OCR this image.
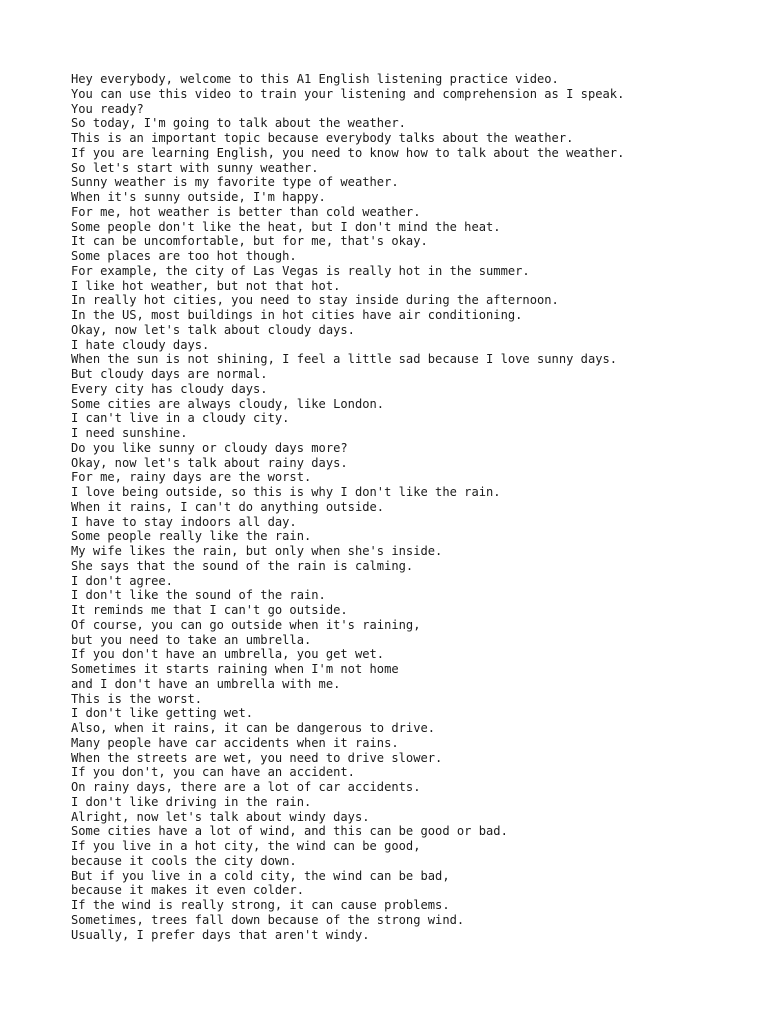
Hey everybody, welcome to this A1 English listening practice video.
You can use this video to train your listening and comprehension as I speak.
You ready?
So today, I'm going to talk about the weather.
This is an important topic because everybody talks about the weather.
If you are learning English, you need to know how to talk about the weather.
So let's start with sunny weather.
Sunny weather is my favorite type of weather.
When it's sunny outside, I'm happy.
For me, hot weather is better than cold weather.
Some people don't like the heat, but I don't mind the heat.
It can be uncomfortable, but for me, that's okay.
Some places are too hot though.
For example, the city of Las Vegas is really hot in the summer.
I like hot weather, but not that hot.
In really hot cities, you need to stay inside during the afternoon.
In the US, most buildings in hot cities have air conditioning.
Okay, now let's talk about cloudy days.
I hate cloudy days.
When the sun is not shining, I feel a little sad because I love sunny days.
But cloudy days are normal.
Every city has cloudy days.
Some cities are always cloudy, like London.
I can't live in a cloudy city.
I need sunshine.
Do you like sunny or cloudy days more?
Okay, now let's talk about rainy days.
For me, rainy days are the worst.
I love being outside, so this is why I don't like the rain.
When it rains, I can't do anything outside.
I have to stay indoors all day.
Some people really like the rain.
My wife likes the rain, but only when she's inside.
She says that the sound of the rain is calming.
I don't agree.
I don't like the sound of the rain.
It reminds me that I can't go outside.
Of course, you can go outside when it's raining,
but you need to take an umbrella.
If you don't have an umbrella, you get wet.
Sometimes it starts raining when I'm not home
and I don't have an umbrella with me.
This is the worst.
I don't like getting wet.
Also, when it rains, it can be dangerous to drive.
Many people have car accidents when it rains.
When the streets are wet, you need to drive slower.
If you don't, you can have an accident.
On rainy days, there are a lot of car accidents.
I don't like driving in the rain.
Alright, now let's talk about windy days.
Some cities have a lot of wind, and this can be good or bad.
If you live in a hot city, the wind can be good,
because it cools the city down.
But if you live in a cold city, the wind can be bad,
because it makes it even colder.
If the wind is really strong, it can cause problems.
Sometimes, trees fall down because of the strong wind.
Usually, I prefer days that aren't windy.
